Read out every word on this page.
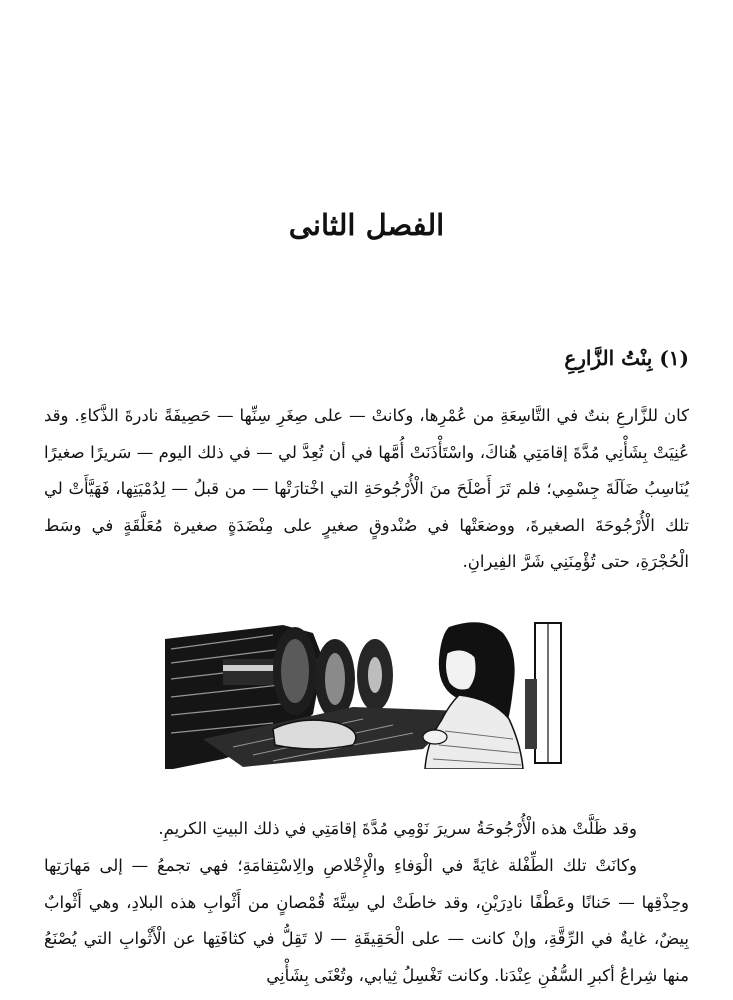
الفصل الثانى
(١) بِنْتُ الزَّارِعِ

كان للزَّارعِ بنتٌ في التَّاسِعَةِ من عُمْرِها، وكانتْ — على صِغَرِ سِنِّها — حَصِيفَةً نادرةَ الذَّكاءِ. وقد عُنِيَتْ بِشَأْنِي مُدَّةَ إقامَتِي هُناكَ، واسْتَأْذَنَتْ أُمَّها في أن تُعِدَّ لي — في ذلك اليوم — سَريرًا صغيرًا يُنَاسِبُ ضَآلَةَ جِسْمِي؛ فلم تَرَ أَصْلَحَ منَ الْأُرْجُوحَةِ التي اخْتارَتْها — من قبلُ — لِدُمْيَتِها، فَهَيَّأَتْ لي تلك الْأُرْجُوحَةَ الصغيرةَ، ووضعَتْها في صُنْدوقٍ صغيرٍ على مِنْضَدَةٍ صغيرة مُعَلَّقَةٍ في وسَط الْحُجْرَةِ، حتى تُؤْمِنَنِي شَرَّ الفِيرانِ.

وقد ظَلَّتْ هذه الْأُرْجُوحَةُ سريرَ نَوْمِي مُدَّةَ إقامَتِي في ذلك البيتِ الكريمِ.

وكانَتْ تلك الطِّفْلة غايَةً في الْوَفاءِ والْإِخْلاصِ والِاسْتِقامَةِ؛ فهي تجمعُ — إلى مَهارَتِها وحِذْقِها — حَنانًا وعَطْفًا نادِرَيْنِ، وقد خاطَتْ لي سِتَّةَ قُمْصانٍ من أَثْوابِ هذه البلادِ، وهي أَثْوابٌ بِيضٌ، غايةٌ في الرِّقَّةِ، وإنْ كانت — على الْحَقِيقَةِ — لا تَقِلُّ في كثافَتِها عن الْأَثْوابِ التي يُصْنَعُ منها شِراعُ أكبرِ السُّفُنِ عِنْدَنا. وكانت تَغْسِلُ ثِيابي، وتُعْنَى بِشَأْنِي
